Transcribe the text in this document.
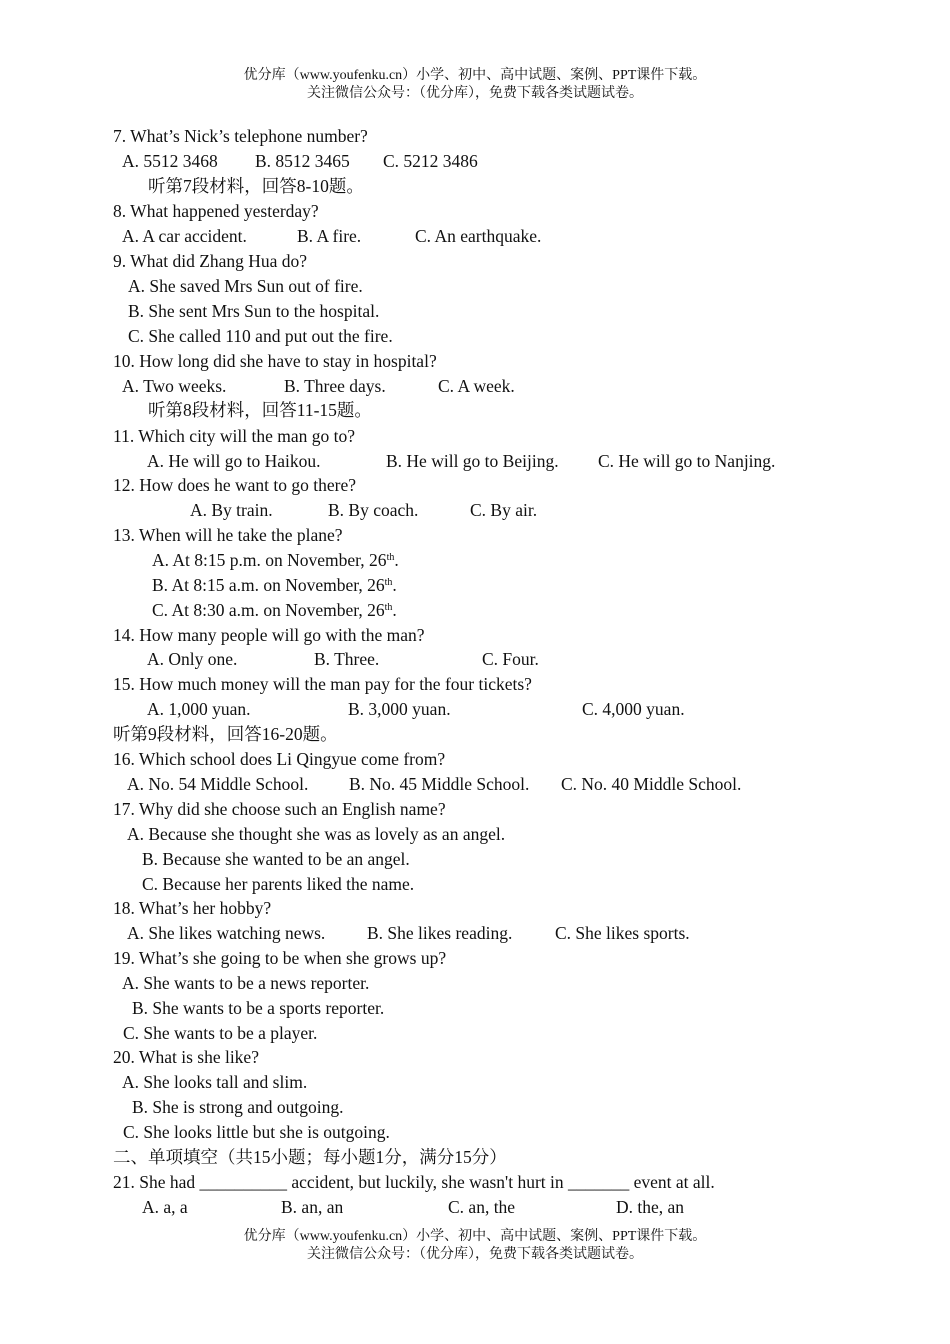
优分库（www.youfenku.cn）小学、初中、高中试题、案例、PPT课件下载。
关注微信公众号：（优分库），免费下载各类试题试卷。
7. What’s Nick’s telephone number?
A. 5512 3468 B. 8512 3465 C. 5212 3486
听第7段材料，回答8-10题。
8. What happened yesterday?
A. A car accident.	B. A fire.	C. An earthquake.
9. What did Zhang Hua do?
A. She saved Mrs Sun out of fire.
B. She sent Mrs Sun to the hospital.
C. She called 110 and put out the fire.
10. How long did she have to stay in hospital?
A. Two weeks.	B. Three days.	C. A week.
听第8段材料，回答11-15题。
11. Which city will the man go to?
A. He will go to Haikou.	B. He will go to Beijing. C. He will go to Nanjing.
12. How does he want to go there?
A. By train.	B. By coach.	C. By air.
13. When will he take the plane?
A. At 8:15 p.m. on November, 26th.
B. At 8:15 a.m. on November, 26th.
C. At 8:30 a.m. on November, 26th.
14. How many people will go with the man?
A. Only one.	B. Three.	C. Four.
15. How much money will the man pay for the four tickets?
A. 1,000 yuan.	B. 3,000 yuan.	C. 4,000 yuan.
听第9段材料，回答16-20题。
16. Which school does Li Qingyue come from?
A. No. 54 Middle School. B. No. 45 Middle School. C. No. 40 Middle School.
17. Why did she choose such an English name?
A. Because she thought she was as lovely as an angel.
B. Because she wanted to be an angel.
C. Because her parents liked the name.
18. What’s her hobby?
A. She likes watching news. B. She likes reading. C. She likes sports.
19. What’s she going to be when she grows up?
A. She wants to be a news reporter.
B. She wants to be a sports reporter.
C. She wants to be a player.
20. What is she like?
A. She looks tall and slim.
B. She is strong and outgoing.
C. She looks little but she is outgoing.
二、单项填空（共15小题；每小题1分，满分15分）
21. She had __________ accident, but luckily, she wasn't hurt in _______ event at all.
A. a, a	B. an, an	C. an, the	D. the, an
优分库（www.youfenku.cn）小学、初中、高中试题、案例、PPT课件下载。
关注微信公众号：（优分库），免费下载各类试题试卷。
